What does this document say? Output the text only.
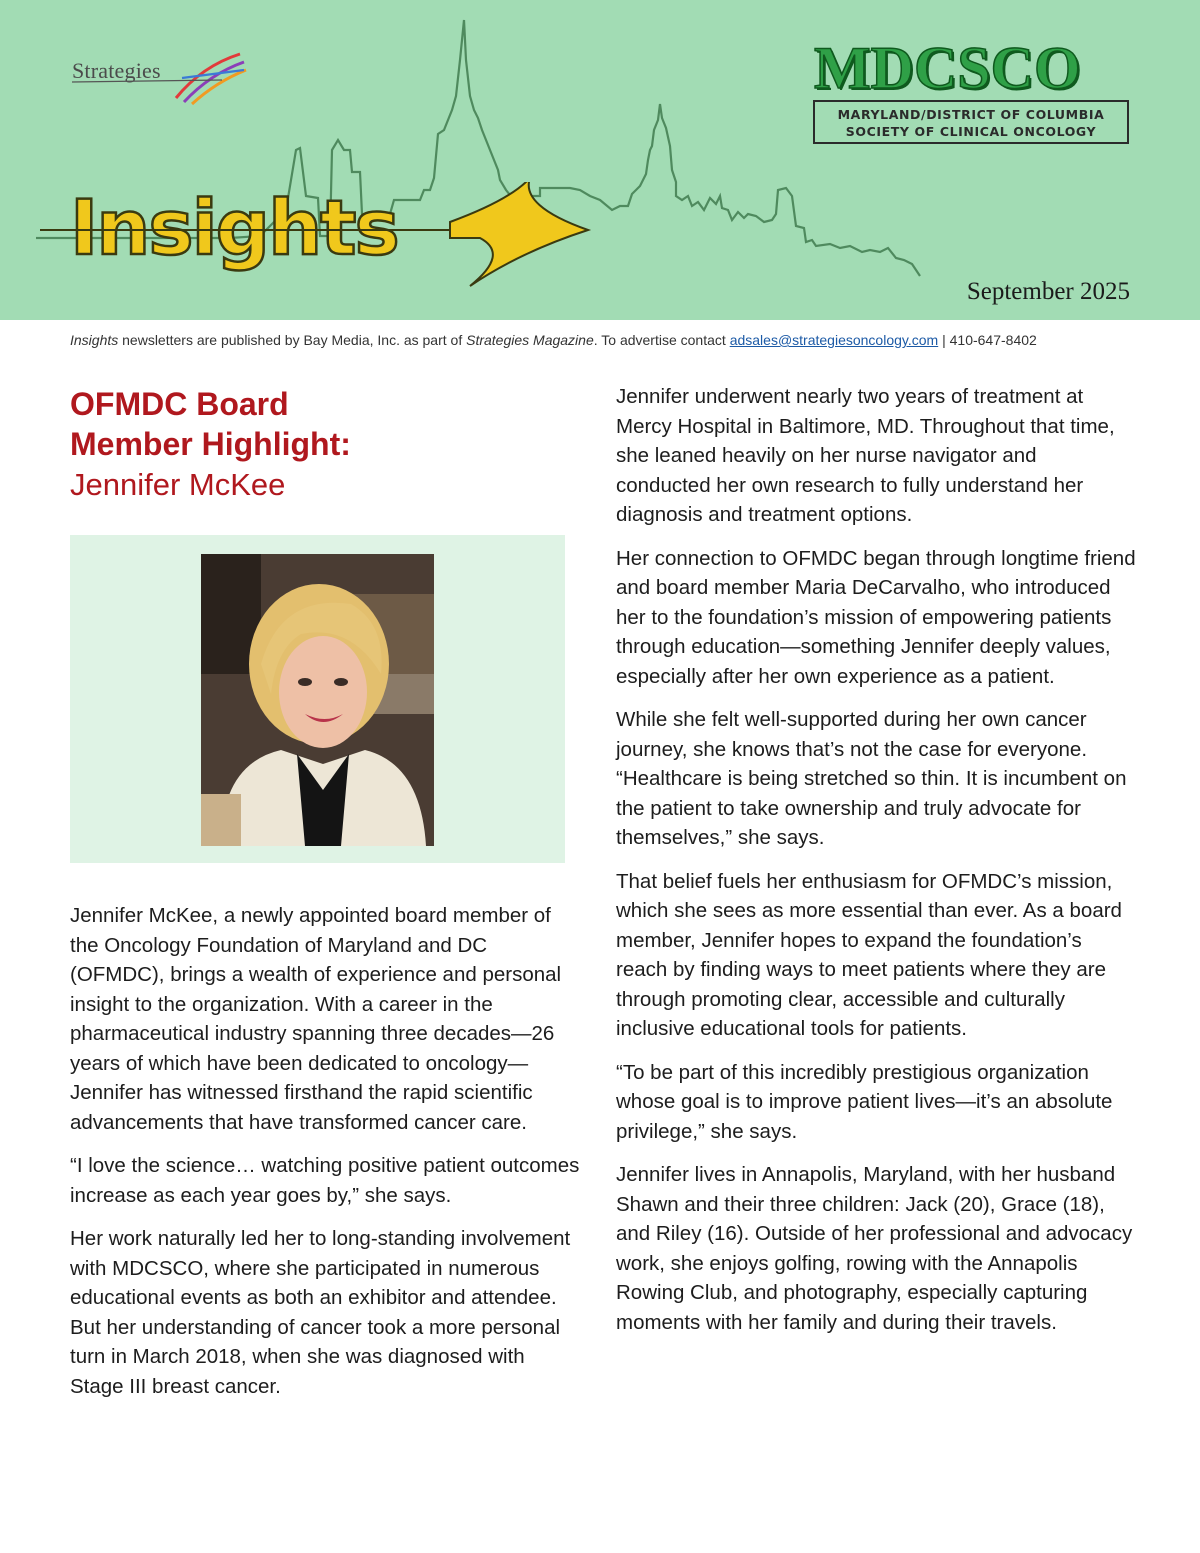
Strategies
Insights
MDCSCO
MARYLAND/DISTRICT OF COLUMBIA
SOCIETY OF CLINICAL ONCOLOGY
September 2025
Insights newsletters are published by Bay Media, Inc. as part of Strategies Magazine. To advertise contact adsales@strategiesoncology.com | 410-647-8402
OFMDC Board
Member Highlight:
Jennifer McKee

Jennifer McKee, a newly appointed board member of the Oncology Foundation of Maryland and DC (OFMDC), brings a wealth of experience and personal insight to the organization. With a career in the pharmaceutical industry spanning three decades—26 years of which have been dedicated to oncology—Jennifer has witnessed firsthand the rapid scientific advancements that have transformed cancer care.

“I love the science… watching positive patient outcomes increase as each year goes by,” she says.

Her work naturally led her to long-standing involvement with MDCSCO, where she participated in numerous educational events as both an exhibitor and attendee. But her understanding of cancer took a more personal turn in March 2018, when she was diagnosed with Stage III breast cancer.

Jennifer underwent nearly two years of treatment at Mercy Hospital in Baltimore, MD. Throughout that time, she leaned heavily on her nurse navigator and conducted her own research to fully understand her diagnosis and treatment options.

Her connection to OFMDC began through longtime friend and board member Maria DeCarvalho, who introduced her to the foundation’s mission of empowering patients through education—something Jennifer deeply values, especially after her own experience as a patient.

While she felt well-supported during her own cancer journey, she knows that’s not the case for everyone. “Healthcare is being stretched so thin. It is incumbent on the patient to take ownership and truly advocate for themselves,” she says.

That belief fuels her enthusiasm for OFMDC’s mission, which she sees as more essential than ever. As a board member, Jennifer hopes to expand the foundation’s reach by finding ways to meet patients where they are through promoting clear, accessible and culturally inclusive educational tools for patients.

“To be part of this incredibly prestigious organization whose goal is to improve patient lives—it’s an absolute privilege,” she says.

Jennifer lives in Annapolis, Maryland, with her husband Shawn and their three children: Jack (20), Grace (18), and Riley (16). Outside of her professional and advocacy work, she enjoys golfing, rowing with the Annapolis Rowing Club, and photography, especially capturing moments with her family and during their travels.
